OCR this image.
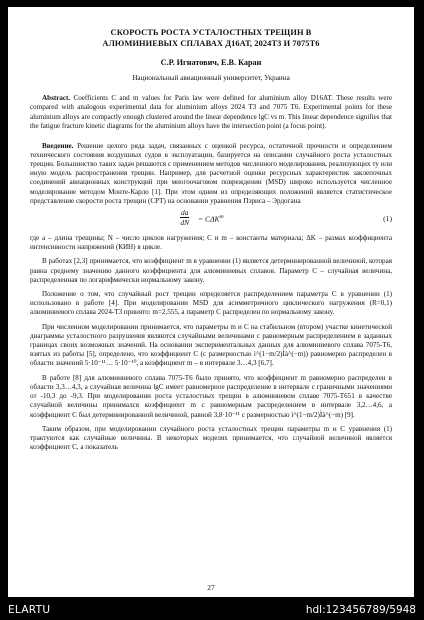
СКОРОСТЬ РОСТА УСТАЛОСТНЫХ ТРЕЩИН В
АЛЮМИНИЕВЫХ СПЛАВАХ Д16АТ, 2024Т3 И 7075Т6
С.Р. Игнатович, Е.В. Каран
Национальный авиационный университет, Украина
Abstract. Coefficients C and m values for Paris law were defined for aluminium alloy D16AT. These results were compared with analogous experimental data for aluminium alloys 2024 T3 and 7075 T6. Experimental points for these aluminium alloys are compactly enough clustered around the linear dependence lgC vs m. This linear dependence signifies that the fatigue fracture kinetic diagrams for the aluminium alloys have the intersection point (a focus point).

Введение. Решение целого ряда задач, связанных с оценкой ресурса, остаточной прочности и определением технического состояния воздушных судов в эксплуатации, базируется на описании случайного роста усталостных трещин. Большинство таких задач решаются с применением методов численного моделирования, реализующих ту или иную модель распространения трещин. Например, для расчетной оценки ресурсных характеристик заклепочных соединений авиационных конструкций при многоочаговом повреждении (MSD) широко используется численное моделирование методом Монте-Карло [1]. При этом одним из определяющих положений является статистическое представление скорости роста трещин (СРТ) на основании уравнения Пэриса – Эрдогана

$\frac{da}{dN} = C\Delta K^m$	(1)

где a – длина трещины; N – число циклов нагружения; C и m – константы материала; ΔK – размах коэффициента интенсивности напряжений (КИН) в цикле.

В работах [2,3] принимается, что коэффициент m в уравнении (1) является детерминированной величиной, которая равна среднему значению данного коэффициента для алюминиевых сплавов. Параметр C – случайная величина, распределенная по логарифмически нормальному закону.

Положение о том, что случайный рост трещин определяется распределением параметра C в уравнении (1) использовано в работе [4]. При моделировании MSD для асимметричного циклического нагружения (R=0,1) алюминиевого сплава 2024-Т3 принято: m=2,555, а параметр C распределен по нормальному закону.

При численном моделировании принимается, что параметры m и C на стабильном (втором) участке кинетической диаграммы усталостного разрушения являются случайными величинами с равномерным распределением в заданных границах своих возможных значений. На основании экспериментальных данных для алюминиевого сплава 7075-Т6, взятых из работы [5], определено, что коэффициент C (с размерностью ì^(1−m/2)Ìà^(−m)) равномерно распределен в области значений 5·10⁻¹¹… 5·10⁻¹⁰, а коэффициент m – в интервале 3…4,3 [6,7].

В работе [8] для алюминиевого сплава 7075-Т6 было принято, что коэффициент m равномерно распределен в области 3,3…4,3, а случайная величина lgC имеет равномерное распределение в интервале с граничными значениями от -10,3 до -9,3. При моделировании роста усталостных трещин в алюминиевом сплаве 7075-Т651 в качестве случайной величины принимался коэффициент m с равномерным распределением в интервале 3,2…4,6, а коэффициент C был детерминированной величиной, равной 3,8·10⁻¹¹ с размерностью ì^(1−m/2)Ìà^(−m) [9].

Таким образом, при моделировании случайного роста усталостных трещин параметры m и C уравнения (1) трактуются как случайные величины. В некоторых моделях принимается, что случайной величиной является коэффициент C, а показатель

27
ELARTU	hdl:123456789/5948
